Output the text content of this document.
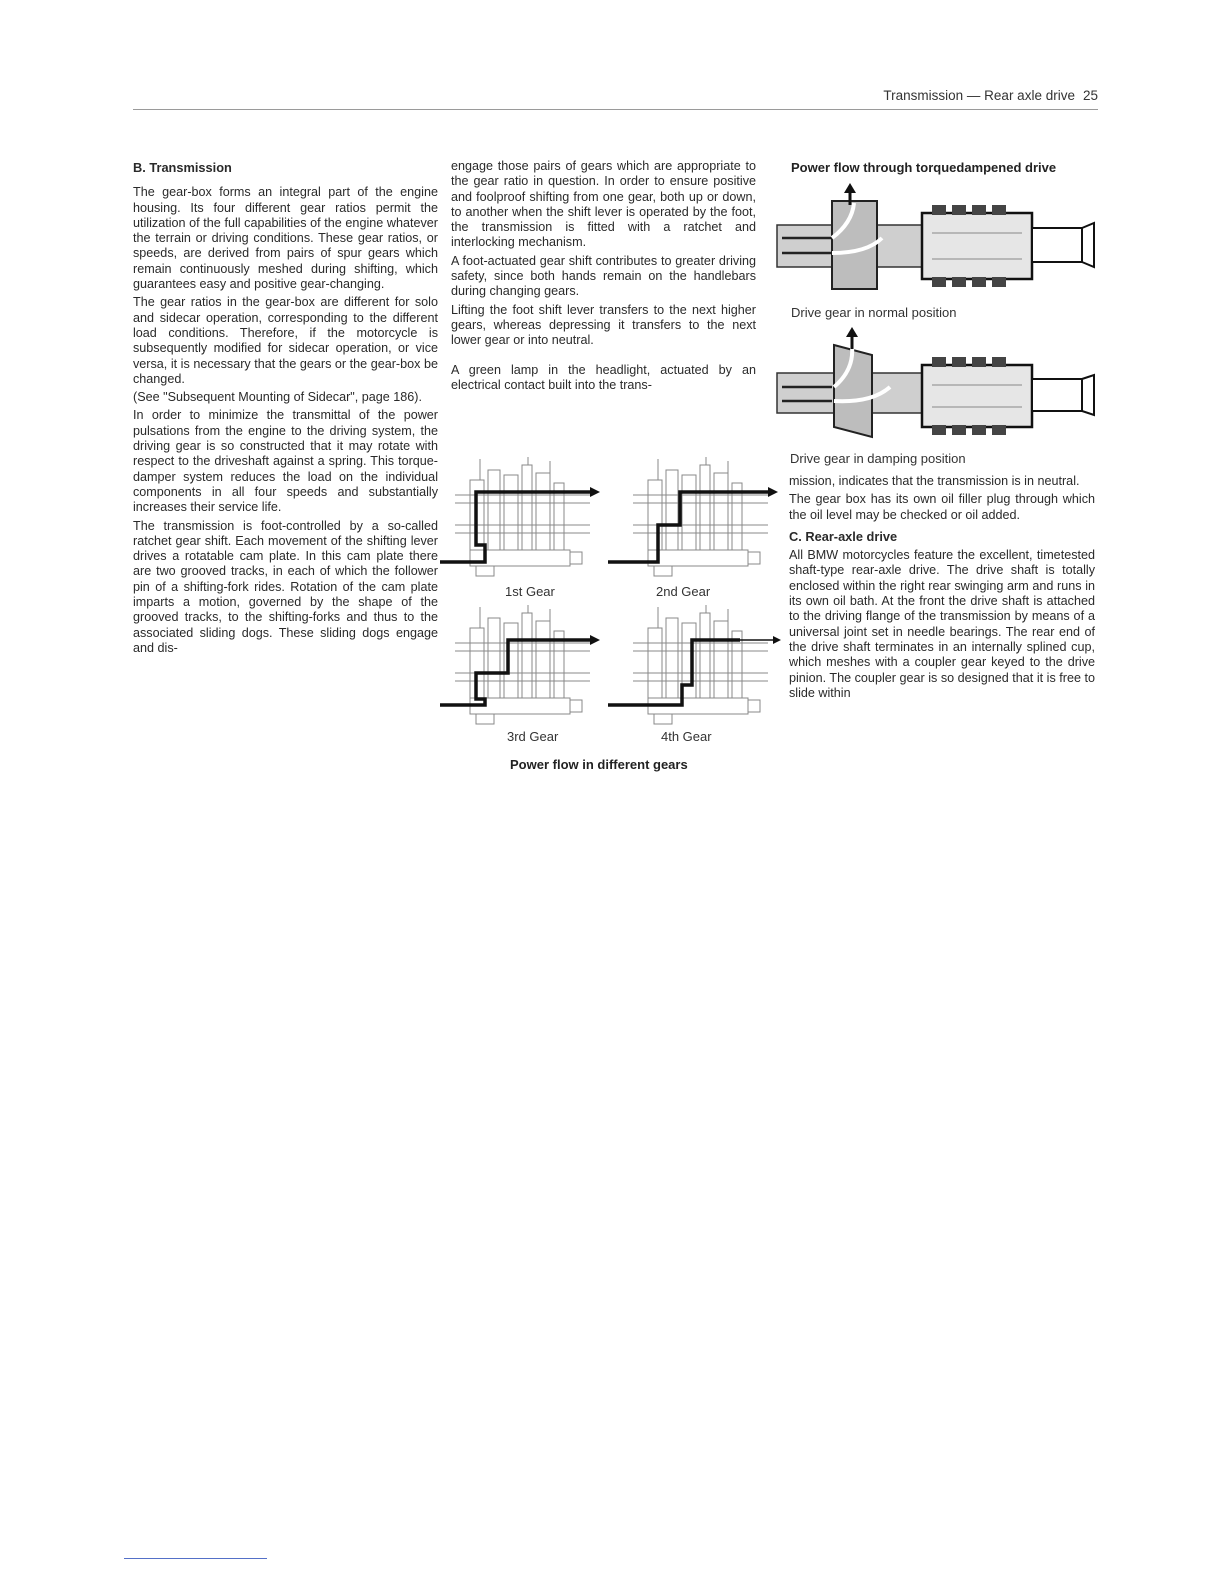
Transmission — Rear axle drive 25
B. Transmission

The gear-box forms an integral part of the engine housing. Its four different gear ratios permit the utilization of the full capabilities of the engine whatever the terrain or driving conditions. These gear ratios, or speeds, are derived from pairs of spur gears which remain continuously meshed during shifting, which guarantees easy and positive gear-changing.

The gear ratios in the gear-box are different for solo and sidecar operation, corresponding to the different load conditions. Therefore, if the motorcycle is subsequently modified for sidecar operation, or vice versa, it is necessary that the gears or the gear-box be changed.

(See "Subsequent Mounting of Sidecar", page 186).

In order to minimize the transmittal of the power pulsations from the engine to the driving system, the driving gear is so constructed that it may rotate with respect to the driveshaft against a spring. This torque-damper system reduces the load on the individual components in all four speeds and substantially increases their service life.

The transmission is foot-controlled by a so-called ratchet gear shift. Each movement of the shifting lever drives a rotatable cam plate. In this cam plate there are two grooved tracks, in each of which the follower pin of a shifting-fork rides. Rotation of the cam plate imparts a motion, governed by the shape of the grooved tracks, to the shifting-forks and thus to the associated sliding dogs. These sliding dogs engage and dis-

engage those pairs of gears which are appropriate to the gear ratio in question. In order to ensure positive and foolproof shifting from one gear, both up or down, to another when the shift lever is operated by the foot, the transmission is fitted with a ratchet and interlocking mechanism.

A foot-actuated gear shift contributes to greater driving safety, since both hands remain on the handlebars during changing gears.

Lifting the foot shift lever transfers to the next higher gears, whereas depressing it transfers to the next lower gear or into neutral.

A green lamp in the headlight, actuated by an electrical contact built into the trans-

1st Gear	2nd Gear
3rd Gear	4th Gear
Power flow in different gears
Power flow through torquedampened drive
Drive gear in normal position
Drive gear in damping position

mission, indicates that the transmission is in neutral.

The gear box has its own oil filler plug through which the oil level may be checked or oil added.

C. Rear-axle drive

All BMW motorcycles feature the excellent, timetested shaft-type rear-axle drive. The drive shaft is totally enclosed within the right rear swinging arm and runs in its own oil bath. At the front the drive shaft is attached to the driving flange of the transmission by means of a universal joint set in needle bearings. The rear end of the drive shaft terminates in an internally splined cup, which meshes with a coupler gear keyed to the drive pinion. The coupler gear is so designed that it is free to slide within
